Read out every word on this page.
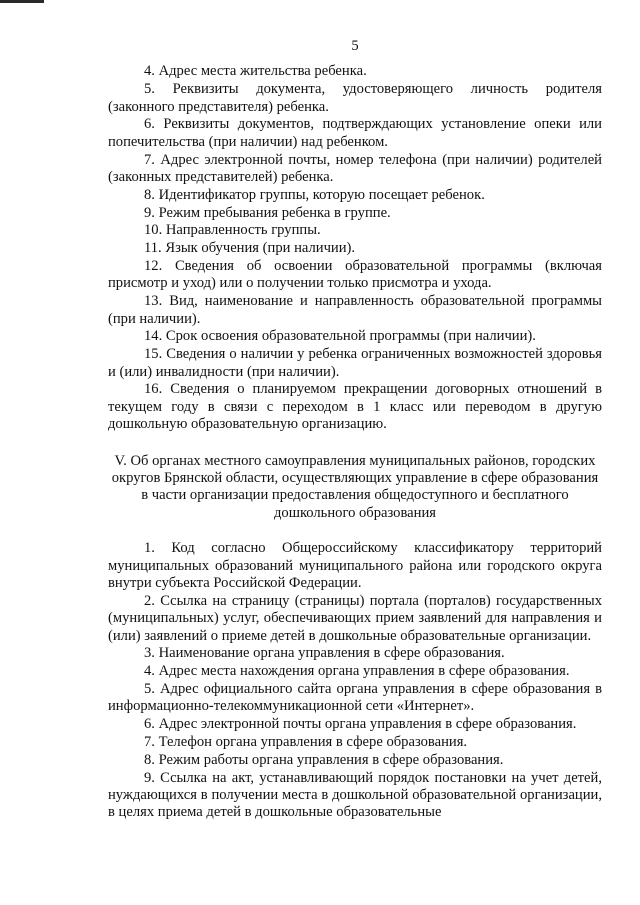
5

4. Адрес места жительства ребенка.

5. Реквизиты документа, удостоверяющего личность родителя (законного представителя) ребенка.

6. Реквизиты документов, подтверждающих установление опеки или попечительства (при наличии) над ребенком.

7. Адрес электронной почты, номер телефона (при наличии) родителей (законных представителей) ребенка.

8. Идентификатор группы, которую посещает ребенок.

9. Режим пребывания ребенка в группе.

10. Направленность группы.

11. Язык обучения (при наличии).

12. Сведения об освоении образовательной программы (включая присмотр и уход) или о получении только присмотра и ухода.

13. Вид, наименование и направленность образовательной программы (при наличии).

14. Срок освоения образовательной программы (при наличии).

15. Сведения о наличии у ребенка ограниченных возможностей здоровья и (или) инвалидности (при наличии).

16. Сведения о планируемом прекращении договорных отношений в текущем году в связи с переходом в 1 класс или переводом в другую дошкольную образовательную организацию.

V. Об органах местного самоуправления муниципальных районов, городских округов Брянской области, осуществляющих управление в сфере образования в части организации предоставления общедоступного и бесплатного дошкольного образования

1. Код согласно Общероссийскому классификатору территорий муниципальных образований муниципального района или городского округа внутри субъекта Российской Федерации.

2. Ссылка на страницу (страницы) портала (порталов) государственных (муниципальных) услуг, обеспечивающих прием заявлений для направления и (или) заявлений о приеме детей в дошкольные образовательные организации.

3. Наименование органа управления в сфере образования.

4. Адрес места нахождения органа управления в сфере образования.

5. Адрес официального сайта органа управления в сфере образования в информационно-телекоммуникационной сети «Интернет».

6. Адрес электронной почты органа управления в сфере образования.

7. Телефон органа управления в сфере образования.

8. Режим работы органа управления в сфере образования.

9. Ссылка на акт, устанавливающий порядок постановки на учет детей, нуждающихся в получении места в дошкольной образовательной организации, в целях приема детей в дошкольные образовательные
